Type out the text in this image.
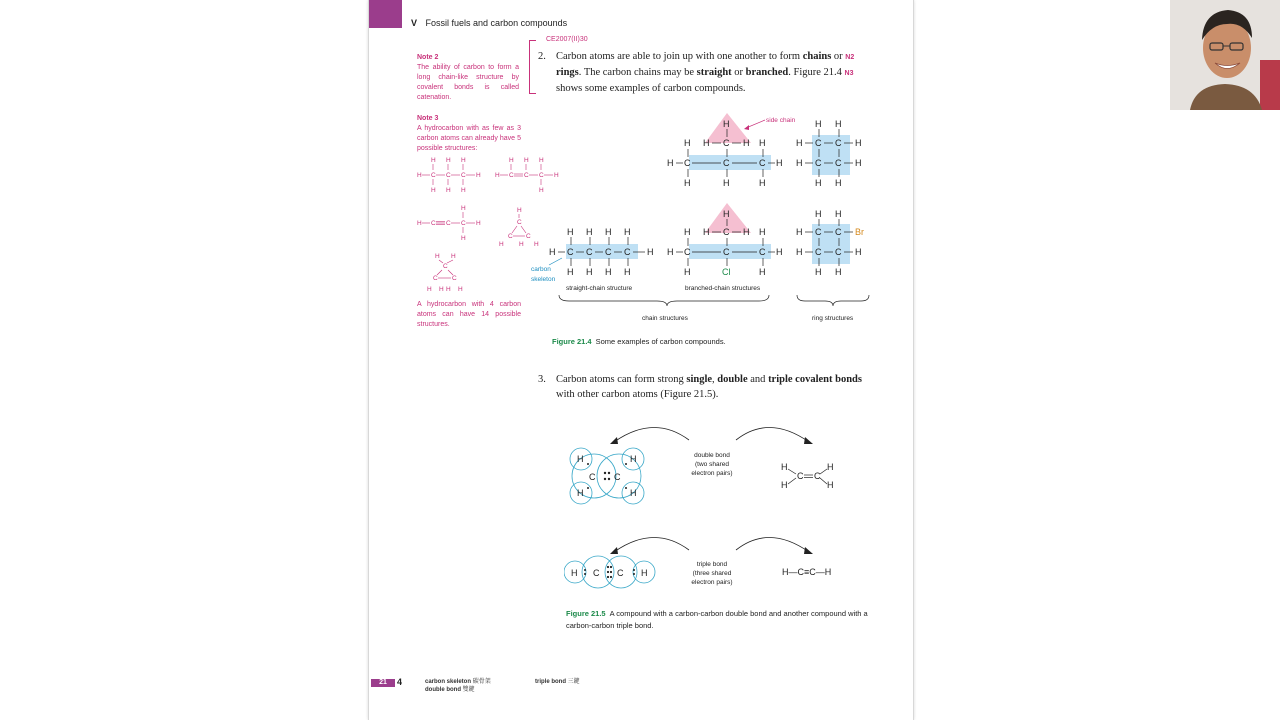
V Fossil fuels and carbon compounds
Note 2
The ability of carbon to form a long chain-like structure by covalent bonds is called catenation.
Note 3
A hydrocarbon with as few as 3 carbon atoms can already have 5 possible structures:
H H H
H C C C H
H H H
H H H
H C C C H
H
H C C C H
H
H
H
C
C C
H	H
H
H H
C
C C
H H H H
A hydrocarbon with 4 carbon atoms can have 14 possible structures.
CE2007(II)30
2. Carbon atoms are able to join up with one another to form chains or N2
rings. The carbon chains may be straight or branched. Figure 21.4 N3
shows some examples of carbon compounds.
H
H C H
H C	C	C H
H	H	H
H	H
side chain H H
H C C H
H C C H
H H
H H H H
H C C C C H
H H H H
carbon
skeleton
H
H C H
H C	C	C H
H	H
H	H
Cl
H H
H C C
H C C H
H H
Br
straight-chain structure	branched-chain structures
chain structures	ring structures
Figure 21.4 Some examples of carbon compounds.
3. Carbon atoms can form strong single, double and triple covalent bonds with other carbon atoms (Figure 21.5).
H
H
H
H
C C
double bond
(two shared
electron pairs)
H	H
H	H
C C
H	H
C C
triple bond
(three shared
electron pairs)
H—C≡C—H
Figure 21.5 A compound with a carbon-carbon double bond and another compound with a carbon-carbon triple bond.
21	4	carbon skeleton 碳骨架
double bond 雙鍵
triple bond 三鍵
